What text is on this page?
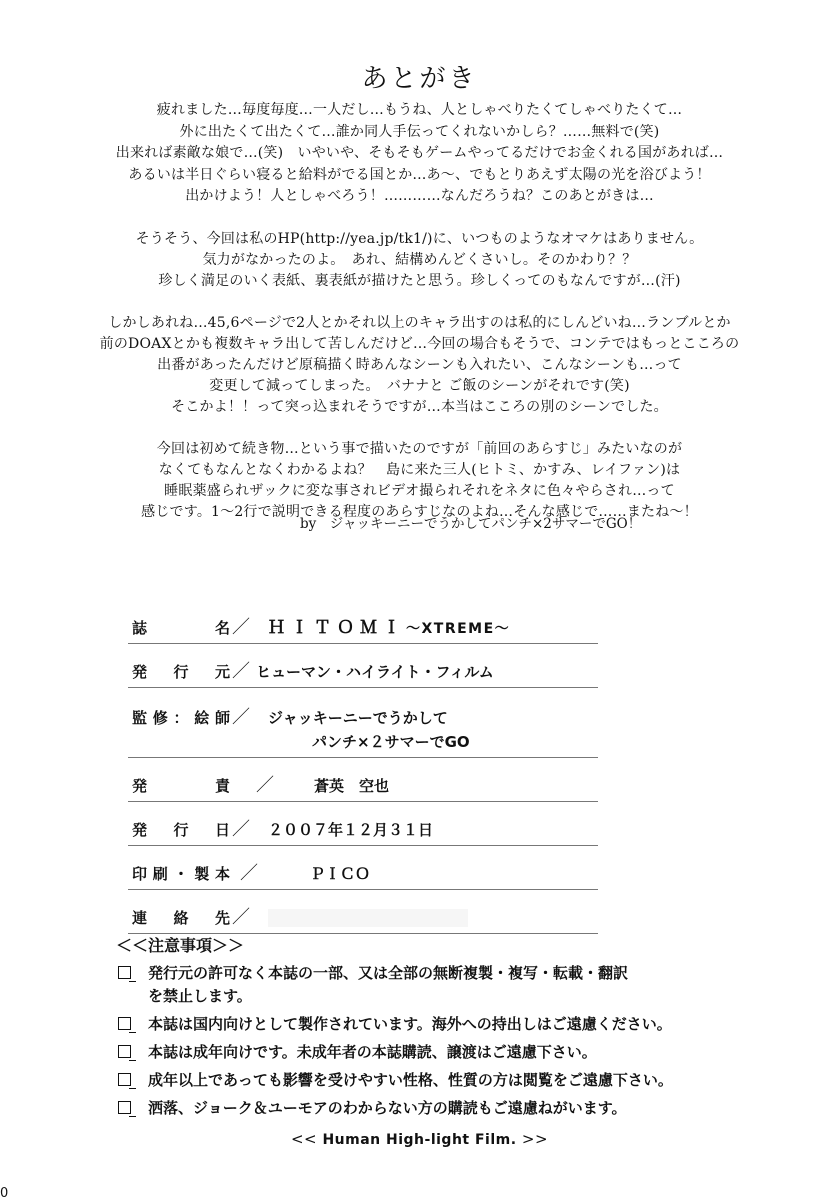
あとがき
疲れました…毎度毎度…一人だし…もうね、人としゃべりたくてしゃべりたくて…
外に出たくて出たくて…誰か同人手伝ってくれないかしら？……無料で(笑)
出来れば素敵な娘で…(笑)　いやいや、そもそもゲームやってるだけでお金くれる国があれば…
あるいは半日ぐらい寝ると給料がでる国とか…あ～、でもとりあえず太陽の光を浴びよう！
出かけよう！人としゃべろう！…………なんだろうね？このあとがきは…
そうそう、今回は私のHP(http://yea.jp/tk1/)に、いつものようなオマケはありません。
気力がなかったのよ。　あれ、結構めんどくさいし。そのかわり？？
珍しく満足のいく表紙、裏表紙が描けたと思う。珍しくってのもなんですが…(汗)
しかしあれね…45,6ページで2人とかそれ以上のキャラ出すのは私的にしんどいね…ランブルとか
前のDOAXとかも複数キャラ出して苦しんだけど…今回の場合もそうで、コンテではもっとこころの
出番があったんだけど原稿描く時あんなシーンも入れたい、こんなシーンも…って
変更して減ってしまった。　バナナと ご飯のシーンがそれです(笑)
そこかよ！！って突っ込まれそうですが…本当はこころの別のシーンでした。
今回は初めて続き物…という事で描いたのですが「前回のあらすじ」みたいなのが
なくてもなんとなくわかるよね？　島に来た三人(ヒトミ、かすみ、レイファン)は
睡眠薬盛られザックに変な事されビデオ撮られそれをネタに色々やらされ…って
感じです。1～2行で説明できる程度のあらすじなのよね…そんな感じで……またね～！
by　ジャッキーニーでうかしてパンチ×2サマーでGO！
誌名 ／ ＨＩＴＯＭＩ～XTREME～
発行元 ／ ヒューマン・ハイライト・フィルム
監修：絵師 ／ ジャッキーニーでうかして
パンチ×２サマーでGO
発責 ／	蒼英　空也
発行日 ／ ２００７年１２月３１日
印刷・製本 ／	ＰＩＣＯ
連絡先 ／
＜＜注意事項＞＞
発行元の許可なく本誌の一部、又は全部の無断複製・複写・転載・翻訳
を禁止します。
本誌は国内向けとして製作されています。海外への持出しはご遠慮ください。
本誌は成年向けです。未成年者の本誌購読、譲渡はご遠慮下さい。
成年以上であっても影響を受けやすい性格、性質の方は閲覧をご遠慮下さい。
洒落、ジョーク＆ユーモアのわからない方の購読もご遠慮ねがいます。
<< Human High-light Film. >>
0
